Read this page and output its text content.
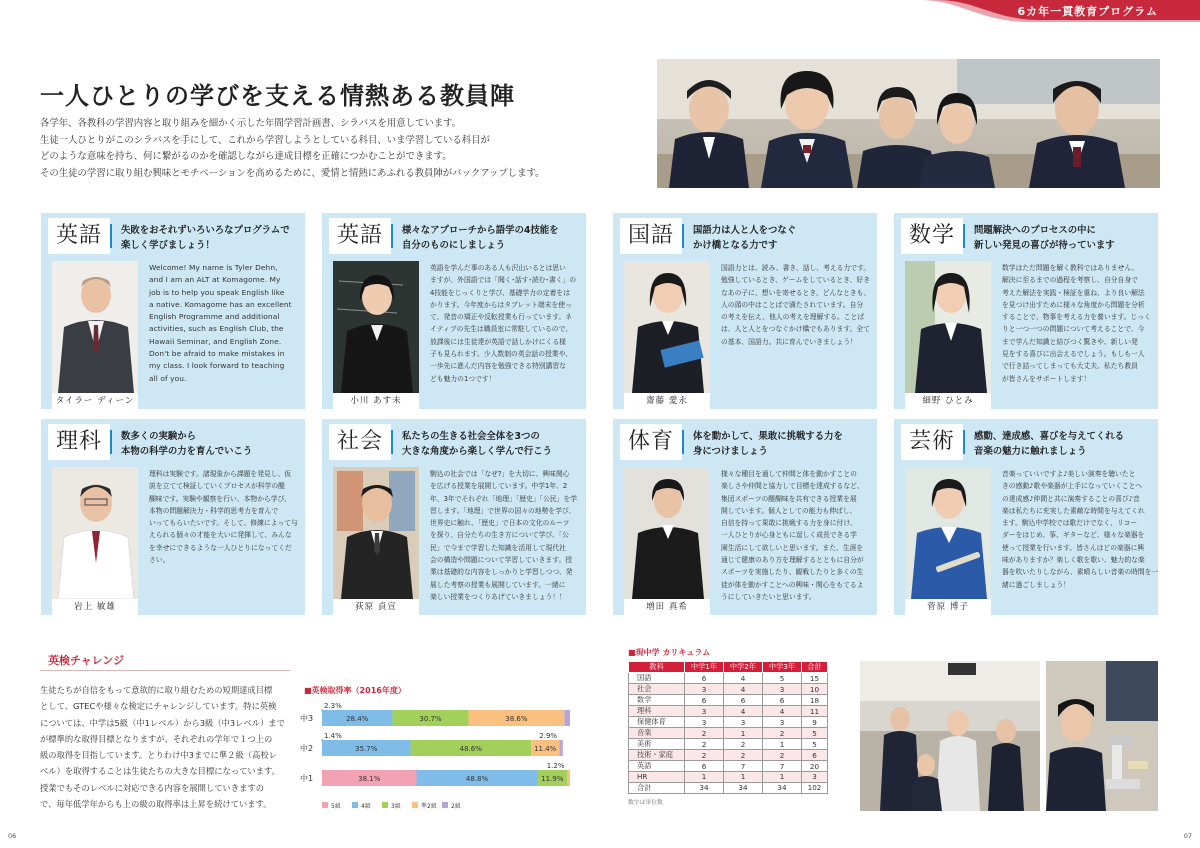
6カ年一貫教育プログラム
一人ひとりの学びを支える情熱ある教員陣

各学年、各教科の学習内容と取り組みを細かく示した年間学習計画書、シラバスを用意しています。

生徒一人ひとりがこのシラバスを手にして、これから学習しようとしている科目、いま学習している科目が

どのような意味を持ち、何に繋がるのかを確認しながら達成目標を正確につかむことができます。

その生徒の学習に取り組む興味とモチベーションを高めるために、愛情と情熱にあふれる教員陣がバックアップします。

英語	失敗をおそれずいろいろなプログラムで
楽しく学びましょう！
タイラー ディーン
Welcome! My name is Tyler Dehn,
and I am an ALT at Komagome. My
job is to help you speak English like
a native. Komagome has an excellent
English Programme and additional
activities, such as English Club, the
Hawaii Seminar, and English Zone.
Don't be afraid to make mistakes in
my class. I look forward to teaching
all of you.
英語	様々なアプローチから語学の4技能を
自分のものにしましょう
小川 あす未
英語を学んだ事のある人も沢山いるとは思い
ますが、外国語では「聞く･話す･読む･書く」の
4技能をじっくりと学び、基礎学力の定着をは
かります。今年度からはタブレット端末を使っ
て、発音の矯正や反転授業も行っています。ネ
イティブの先生は職員室に常駐しているので、
放課後には生徒達が英語で話しかけにくる様
子も見られます。少人数制の英会話の授業や、
一歩先に進んだ内容を勉強できる特別講習な
ども魅力の1つです！
国語	国語力は人と人をつなぐ
かけ橋となる力です
齋藤 愛永
国語力とは、読み、書き、話し、考える力です。
勉強しているとき、ゲームをしているとき、好き
なあの子に、想いを寄せるとき、どんなときも、
人の頭の中はことばで満たされています。自分
の考えを伝え、他人の考えを理解する。ことば
は、人と人とをつなぐかけ橋でもあります。全て
の基本、国語力。共に育んでいきましょう！
数学	問題解決へのプロセスの中に
新しい発見の喜びが待っています
細野 ひとみ
数学はただ問題を解く教科ではありません。
解決に至るまでの過程を考察し、自分自身で
考えた解法を実践・検証を重ね、より良い解法
を見つけ出すために様々な角度から問題を分析
することで、物事を考える力を養います。じっく
りと一つ一つの問題について考えることで、今
まで学んだ知識と結びつく驚きや、新しい発
見をする喜びに出会えるでしょう。もしも一人
で行き詰ってしまっても大丈夫、私たち教員
が皆さんをサポートします！
理科	数多くの実験から
本物の科学の力を育んでいこう
岩上 敏雄
理科は実験です。諸現象から課題を発見し、仮
説を立てて検証していくプロセスが科学の醍
醐味です。実験や観察を行い、本物から学び、
本物の問題解決力・科学的思考力を育んで
いってもらいたいです。そして、修練によって与
えられる個々の才能を大いに発揮して、みんな
を幸せにできるような一人ひとりになってくだ
さい。
社会	私たちの生きる社会全体を3つの
大きな角度から楽しく学んで行こう
荻原 貞宣
駒込の社会では「なぜ?」を大切に、興味関心
を広げる授業を展開しています。中学1年、2
年、3年でそれぞれ「地理」「歴史」「公民」を学
習します。「地理」で世界の国々の地勢を学び、
世界史に触れ、「歴史」で日本の文化のルーツ
を探り、自分たちの生き方について学び、「公
民」で今まで学習した知識を活用して現代社
会の構造や問題について学習していきます。授
業は基礎的な内容をしっかりと学習しつつ、発
展した考察の授業も展開しています。一緒に
楽しい授業をつくりあげていきましょう！！
体育	体を動かして、果敢に挑戦する力を
身につけましょう
増田 真希
様々な種目を通して仲間と体を動かすことの
楽しさや仲間と協力して目標を達成するなど、
集団スポーツの醍醐味を共有できる授業を展
開しています。個人としての能力も伸ばし、
自信を持って果敢に挑戦する力を身に付け、
一人ひとりが心身ともに逞しく成長できる学
園生活にして欲しいと思います。また、生涯を
通じて健康のあり方を理解するとともに自分が
スポーツを実施したり、観戦したりと多くの生
徒が体を動かすことへの興味・関心をもてるよ
うにしていきたいと思います。
芸術	感動、達成感、喜びを与えてくれる
音楽の魅力に触れましょう
菅原 博子
音楽っていいですよ♪美しい演奏を聴いたと
きの感動♪歌や楽器が上手になっていくことへ
の達成感♪仲間と共に演奏することの喜び♪音
楽は私たちに充実した素敵な時間を与えてくれ
ます。駒込中学校では歌だけでなく、リコー
ダーをはじめ、筝、ギターなど、様々な楽器を
使って授業を行います。皆さんはどの楽器に興
味がありますか？楽しく歌を歌い、魅力的な楽
器を吹いたりしながら、素晴らしい音楽の時間を一
緒に過ごしましょう！
英検チャレンジ
生徒たちが自信をもって意欲的に取り組むための短期達成目標
として、GTECや様々な検定にチャレンジしています。特に英検
については、中学は5級（中1レベル）から3級（中3レベル）まで
が標準的な取得目標となりますが、それぞれの学年で１つ上の
級の取得を目指しています。とりわけ中3までに準２級（高校レ
ベル）を取得することは生徒たちの大きな目標になっています。
授業でもそのレベルに対応できる内容を展開していきますの
で、毎年低学年からも上の級の取得率は上昇を続けています。
■英検取得率（2016年度）
中3
2.3%
28.4%	30.7%	38.6%
中2
1.4%	2.9%
35.7%	48.6%	11.4%
中1
1.2%
38.1%	48.8%	11.9%
5級	4級	3級	準2級 2級
■現中学 カリキュラム
教科	中学1年	中学2年	中学3年	合計
国語	6	4	5	15
社会	3	4	3	10
数学	6	6	6	18
理科	3	4	4	11
保健体育	3	3	3	9
音楽	2	1	2	5
美術	2	2	1	5
技術・家庭	2	2	2	6
英語	6	7	7	20
HR	1	1	1	3
合計	34	34	34	102
数字は単位数
06	07
